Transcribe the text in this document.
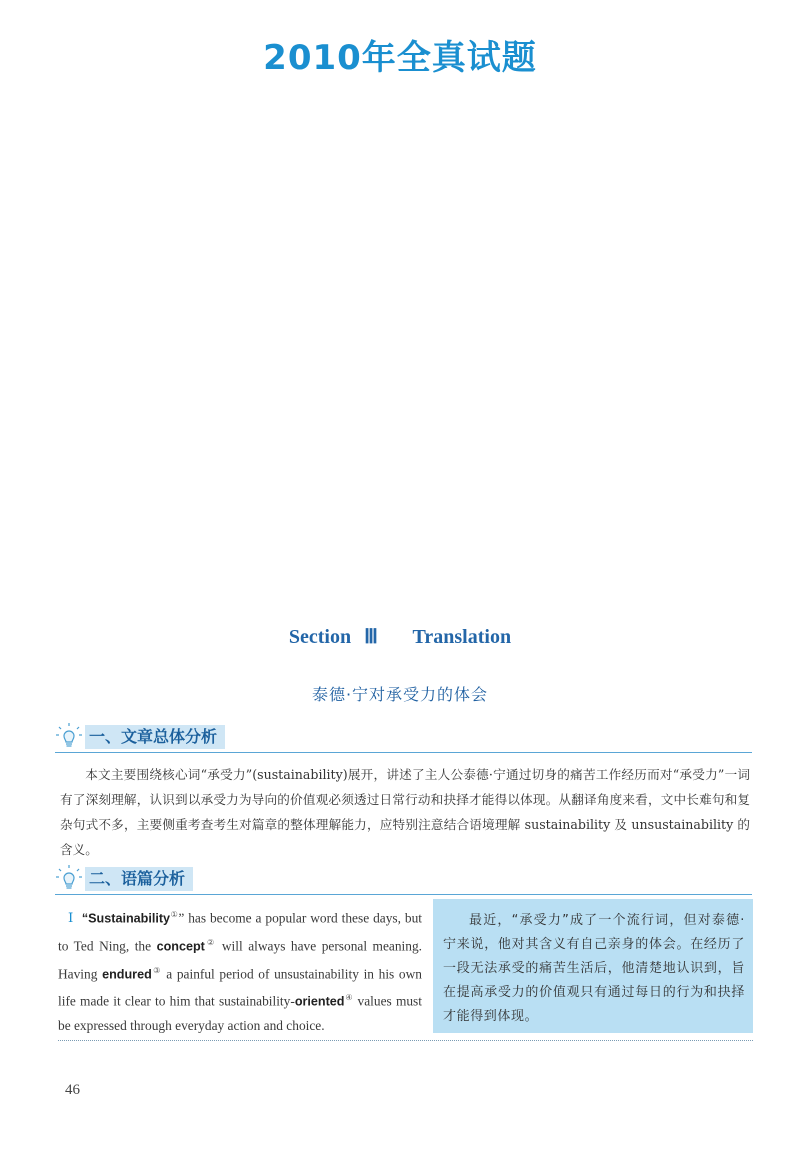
2010年全真试题
Section Ⅲ Translation
泰德·宁对承受力的体会
一、文章总体分析
本文主要围绕核心词“承受力”(sustainability)展开，讲述了主人公泰德·宁通过切身的痛苦工作经历而对“承受力”一词有了深刻理解，认识到以承受力为导向的价值观必须透过日常行动和抉择才能得以体现。从翻译角度来看，文中长难句和复杂句式不多，主要侧重考查考生对篇章的整体理解能力，应特别注意结合语境理解 sustainability 及 unsustainability 的含义。
二、语篇分析
Ⅰ “Sustainability①” has become a popular word these days, but to Ted Ning, the concept② will always have personal meaning. Having endured③ a painful period of unsustainability in his own life made it clear to him that sustainability-oriented④ values must be expressed through everyday action and choice.
最近，“承受力”成了一个流行词，但对泰德·宁来说，他对其含义有自己亲身的体会。在经历了一段无法承受的痛苦生活后，他清楚地认识到，旨在提高承受力的价值观只有通过每日的行为和抉择才能得到体现。
46
